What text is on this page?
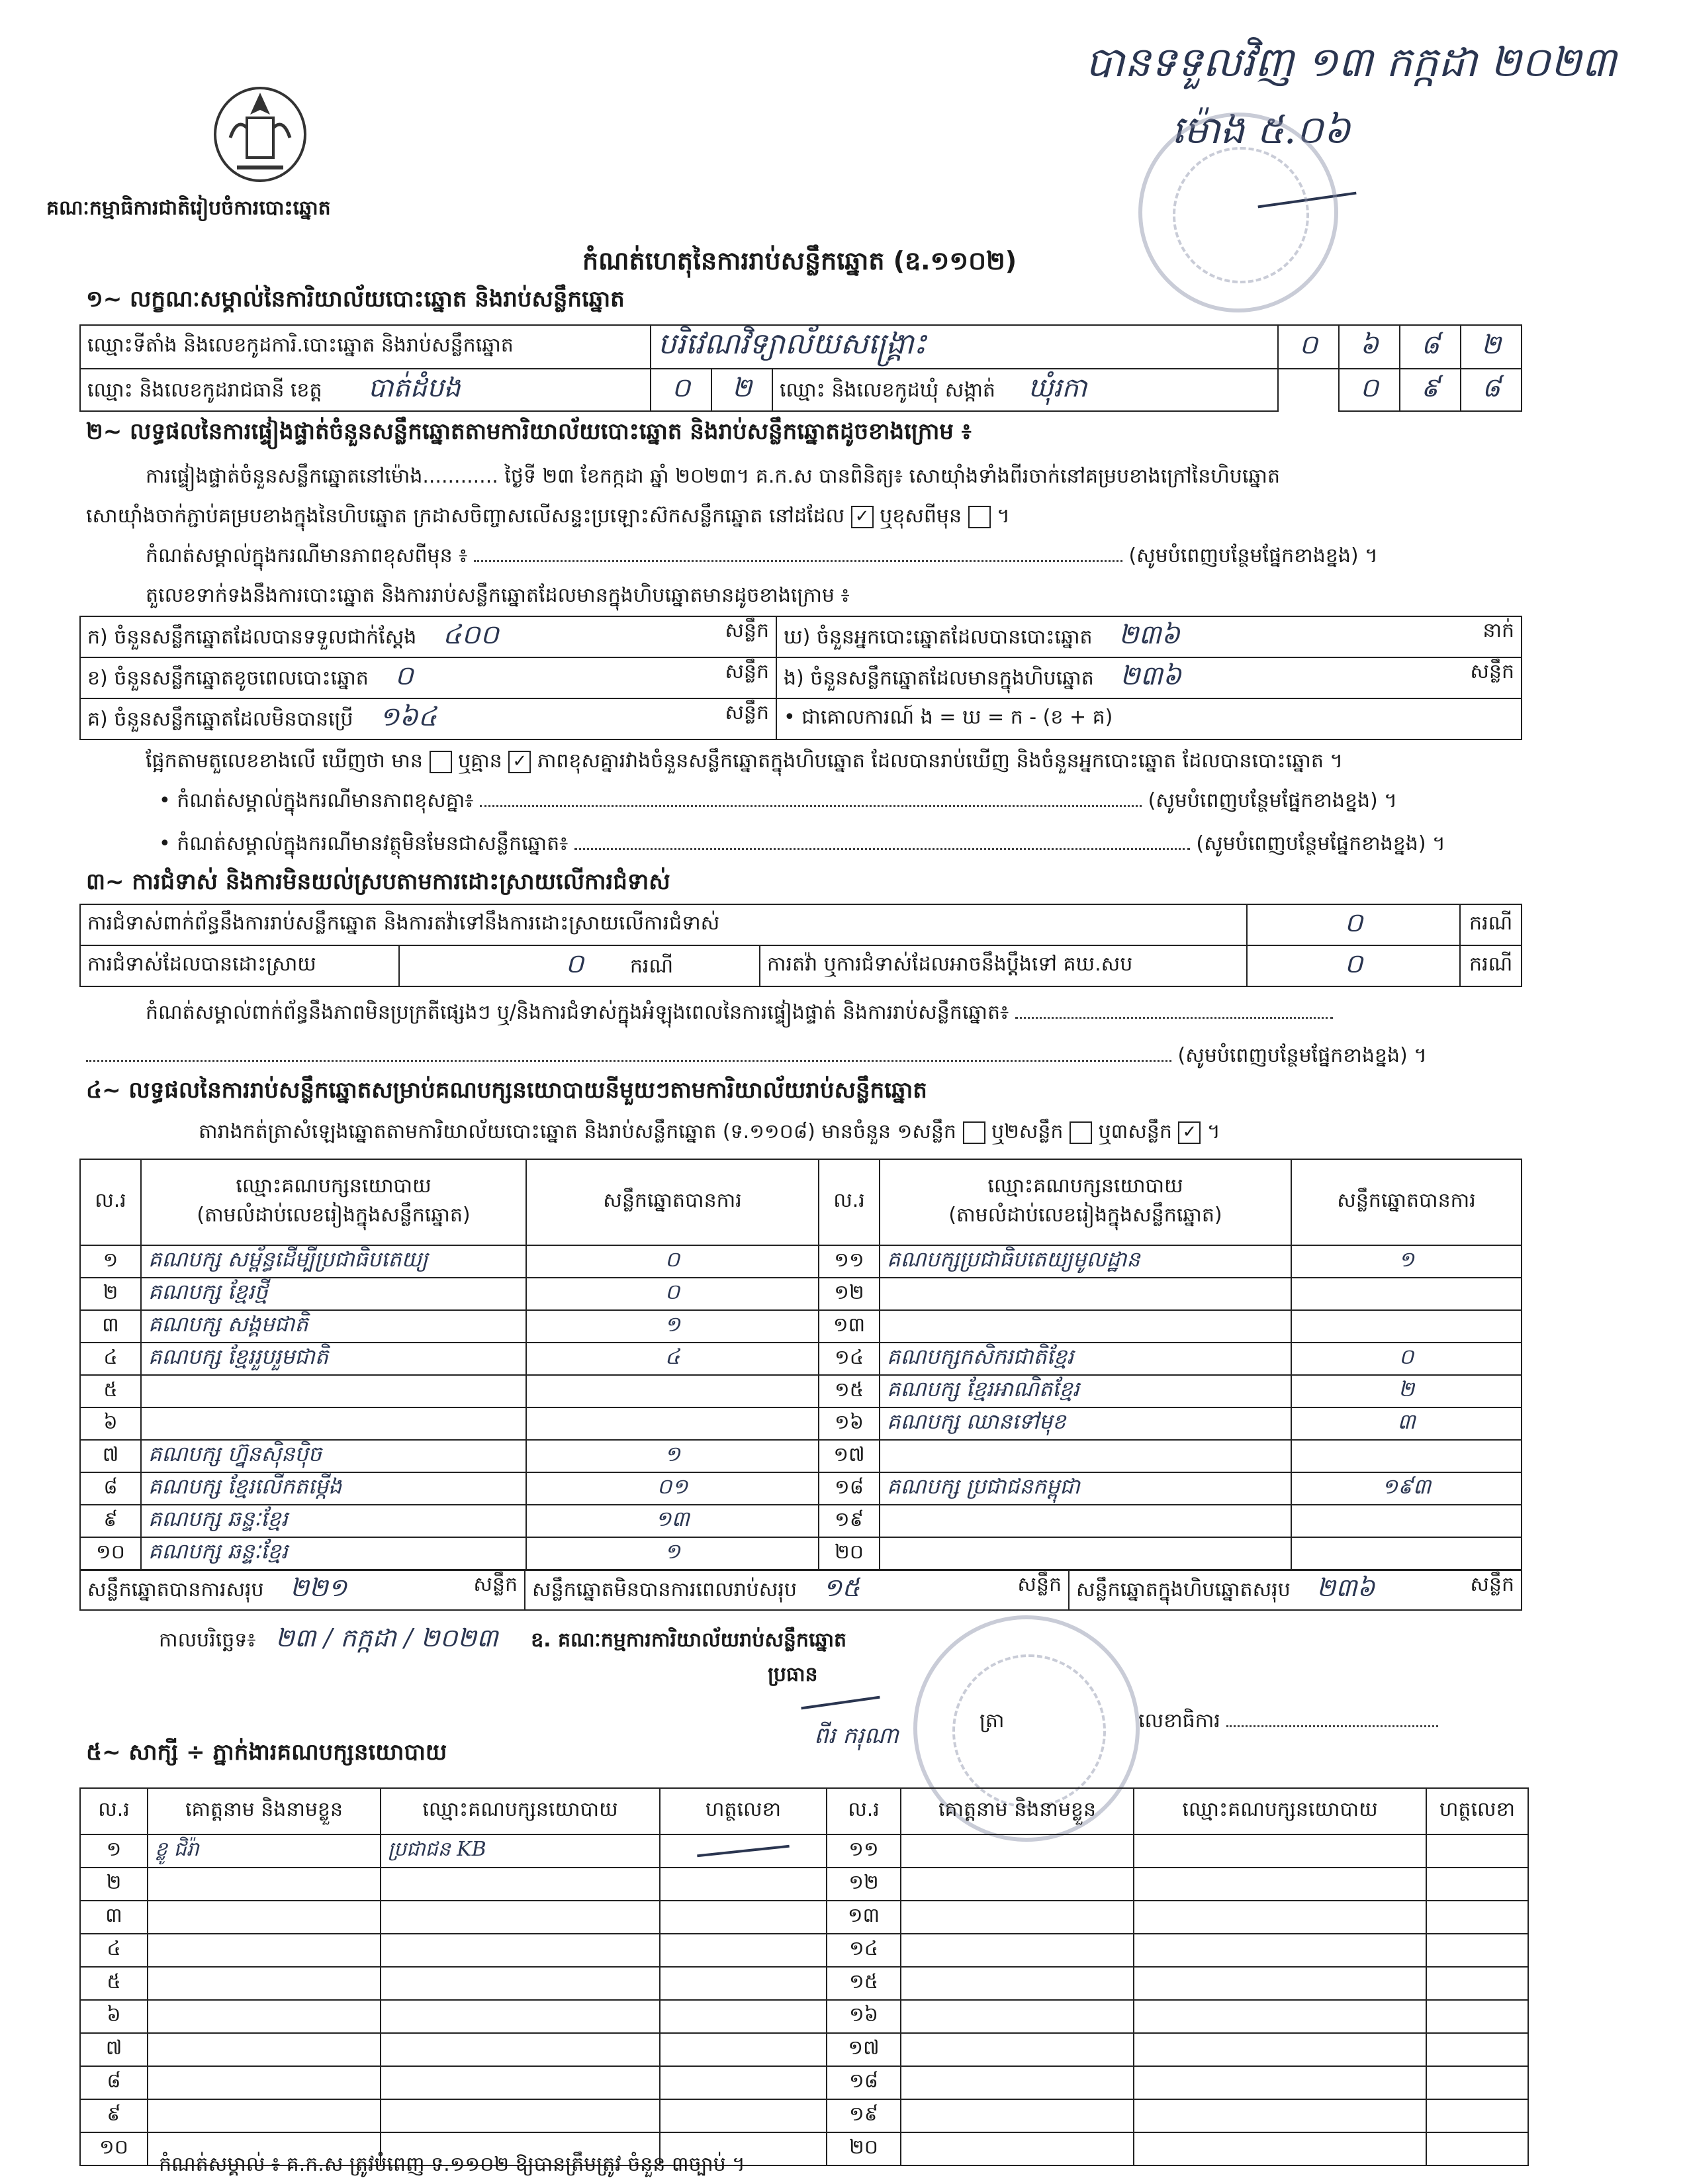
បានទទួលវិញ ១៣ កក្កដា ២០២៣
ម៉ោង ៥.០៦
គណៈកម្មាធិការជាតិរៀបចំការបោះឆ្នោត
កំណត់ហេតុនៃការរាប់សន្លឹកឆ្នោត (ឧ.១១០២)
១~ លក្ខណៈសម្គាល់នៃការិយាល័យបោះឆ្នោត និងរាប់សន្លឹកឆ្នោត
ឈ្មោះទីតាំង និងលេខកូដការិ.បោះឆ្នោត និងរាប់សន្លឹកឆ្នោត	បរិវេណវិទ្យាល័យសង្គ្រោះ			០	៦	៨	២
ឈ្មោះ និងលេខកូដរាជធានី ខេត្ត បាត់ដំបង	០	២	ឈ្មោះ និងលេខកូដឃុំ សង្កាត់ ឃុំរកា		០	៩	៨
២~ លទ្ធផលនៃការផ្ទៀងផ្ទាត់ចំនួនសន្លឹកឆ្នោតតាមការិយាល័យបោះឆ្នោត និងរាប់សន្លឹកឆ្នោតដូចខាងក្រោម ៖
ការផ្ទៀងផ្ទាត់ចំនួនសន្លឹកឆ្នោតនៅម៉ោង............ ថ្ងៃទី ២៣ ខែកក្កដា ឆ្នាំ ២០២៣។ គ.ក.ស បានពិនិត្យ៖ សោយ៉ាំងទាំងពីរចាក់នៅគម្របខាងក្រៅនៃហិបឆ្នោត
សោយ៉ាំងចាក់ភ្ជាប់គម្របខាងក្នុងនៃហិបឆ្នោត ក្រដាសចិញ្ចាសលើសន្ទះប្រឡោះស៊កសន្លឹកឆ្នោត នៅដដែល ✓ ឬខុសពីមុន  ។
កំណត់សម្គាល់ក្នុងករណីមានភាពខុសពីមុន ៖	(សូមបំពេញបន្ថែមផ្នែកខាងខ្នង) ។
តួលេខទាក់ទងនឹងការបោះឆ្នោត និងការរាប់សន្លឹកឆ្នោតដែលមានក្នុងហិបឆ្នោតមានដូចខាងក្រោម ៖
ក) ចំនួនសន្លឹកឆ្នោតដែលបានទទួលជាក់ស្តែង ៤០០ សន្លឹក	ឃ) ចំនួនអ្នកបោះឆ្នោតដែលបានបោះឆ្នោត ២៣៦ នាក់

ខ) ចំនួនសន្លឹកឆ្នោតខូចពេលបោះឆ្នោត ០ សន្លឹក	ង) ចំនួនសន្លឹកឆ្នោតដែលមានក្នុងហិបឆ្នោត ២៣៦ សន្លឹក

គ) ចំនួនសន្លឹកឆ្នោតដែលមិនបានប្រើ ១៦៤ សន្លឹក	• ជាគោលការណ៍ ង = ឃ = ក - (ខ + គ)
ផ្អែកតាមតួលេខខាងលើ ឃើញថា មាន ឬគ្មាន ✓ ភាពខុសគ្នារវាងចំនួនសន្លឹកឆ្នោតក្នុងហិបឆ្នោត ដែលបានរាប់ឃើញ និងចំនួនអ្នកបោះឆ្នោត ដែលបានបោះឆ្នោត ។
• កំណត់សម្គាល់ក្នុងករណីមានភាពខុសគ្នា៖	(សូមបំពេញបន្ថែមផ្នែកខាងខ្នង) ។
• កំណត់សម្គាល់ក្នុងករណីមានវត្ថុមិនមែនជាសន្លឹកឆ្នោត៖	(សូមបំពេញបន្ថែមផ្នែកខាងខ្នង) ។
៣~ ការជំទាស់ និងការមិនយល់ស្របតាមការដោះស្រាយលើការជំទាស់
ការជំទាស់ពាក់ព័ន្ធនឹងការរាប់សន្លឹកឆ្នោត និងការតវ៉ាទៅនឹងការដោះស្រាយលើការជំទាស់			០	ករណី
ការជំទាស់ដែលបានដោះស្រាយ	០ ករណី	ការតវ៉ា ឬការជំទាស់ដែលអាចនឹងប្តឹងទៅ គឃ.សប	០	ករណី
កំណត់សម្គាល់ពាក់ព័ន្ធនឹងភាពមិនប្រក្រតីផ្សេងៗ ឬ/និងការជំទាស់ក្នុងអំឡុងពេលនៃការផ្ទៀងផ្ទាត់ និងការរាប់សន្លឹកឆ្នោត៖
(សូមបំពេញបន្ថែមផ្នែកខាងខ្នង) ។
៤~ លទ្ធផលនៃការរាប់សន្លឹកឆ្នោតសម្រាប់គណបក្សនយោបាយនីមួយៗតាមការិយាល័យរាប់សន្លឹកឆ្នោត
តារាងកត់ត្រាសំឡេងឆ្នោតតាមការិយាល័យបោះឆ្នោត និងរាប់សន្លឹកឆ្នោត (ទ.១១០៨) មានចំនួន ១សន្លឹក ឬ២សន្លឹក ឬ៣សន្លឹក ✓ ។
ល.រ	ឈ្មោះគណបក្សនយោបាយ
(តាមលំដាប់លេខរៀងក្នុងសន្លឹកឆ្នោត)	សន្លឹកឆ្នោតបានការ	ល.រ	ឈ្មោះគណបក្សនយោបាយ
(តាមលំដាប់លេខរៀងក្នុងសន្លឹកឆ្នោត)	សន្លឹកឆ្នោតបានការ
១	គណបក្ស សម្ព័ន្ធដើម្បីប្រជាធិបតេយ្យ	០	១១	គណបក្សប្រជាធិបតេយ្យមូលដ្ឋាន	១
២	គណបក្ស ខ្មែរថ្មី	០	១២		
៣	គណបក្ស សង្គមជាតិ	១	១៣		
៤	គណបក្ស ខ្មែររួបរួមជាតិ	៤	១៤	គណបក្សកសិករជាតិខ្មែរ	០
៥			១៥	គណបក្ស ខ្មែរអាណិតខ្មែរ	២
៦			១៦	គណបក្ស ឈានទៅមុខ	៣
៧	គណបក្ស ហ្វ៊ុនស៊ិនប៉ិច	១	១៧		
៨	គណបក្ស ខ្មែរលើកតម្កើង	០១	១៨	គណបក្ស ប្រជាជនកម្ពុជា	១៩៣
៩	គណបក្ស ឆន្ទៈខ្មែរ	១៣	១៩		
១០	គណបក្ស ឆន្ទៈខ្មែរ	១	២០		
សន្លឹកឆ្នោតបានការសរុប ២២១	សន្លឹក	សន្លឹកឆ្នោតមិនបានការពេលរាប់សរុប ១៥	សន្លឹក	សន្លឹកឆ្នោតក្នុងហិបឆ្នោតសរុប ២៣៦	សន្លឹក
កាលបរិច្ឆេទ៖ ២៣ / កក្កដា / ២០២៣ ឧ. គណៈកម្មការការិយាល័យរាប់សន្លឹកឆ្នោត
ប្រធាន
ពីរ ករុណា
ត្រា	លេខាធិការ
៥~ សាក្សី ÷ ភ្នាក់ងារគណបក្សនយោបាយ
ល.រ	គោត្តនាម និងនាមខ្លួន	ឈ្មោះគណបក្សនយោបាយ	ហត្ថលេខា	ល.រ	គោត្តនាម និងនាមខ្លួន	ឈ្មោះគណបក្សនយោបាយ	ហត្ថលេខា
១	ខ្លូ ជិរ៉ា	ប្រជាជន KB		១១			
២				១២			
៣				១៣			
៤				១៤			
៥				១៥			
៦				១៦			
៧				១៧			
៨				១៨			
៩				១៩			
១០				២០			
កំណត់សម្គាល់ ៖ គ.ក.ស ត្រូវបំពេញ ទ.១១០២ ឱ្យបានត្រឹមត្រូវ ចំនួន ៣ច្បាប់ ។
